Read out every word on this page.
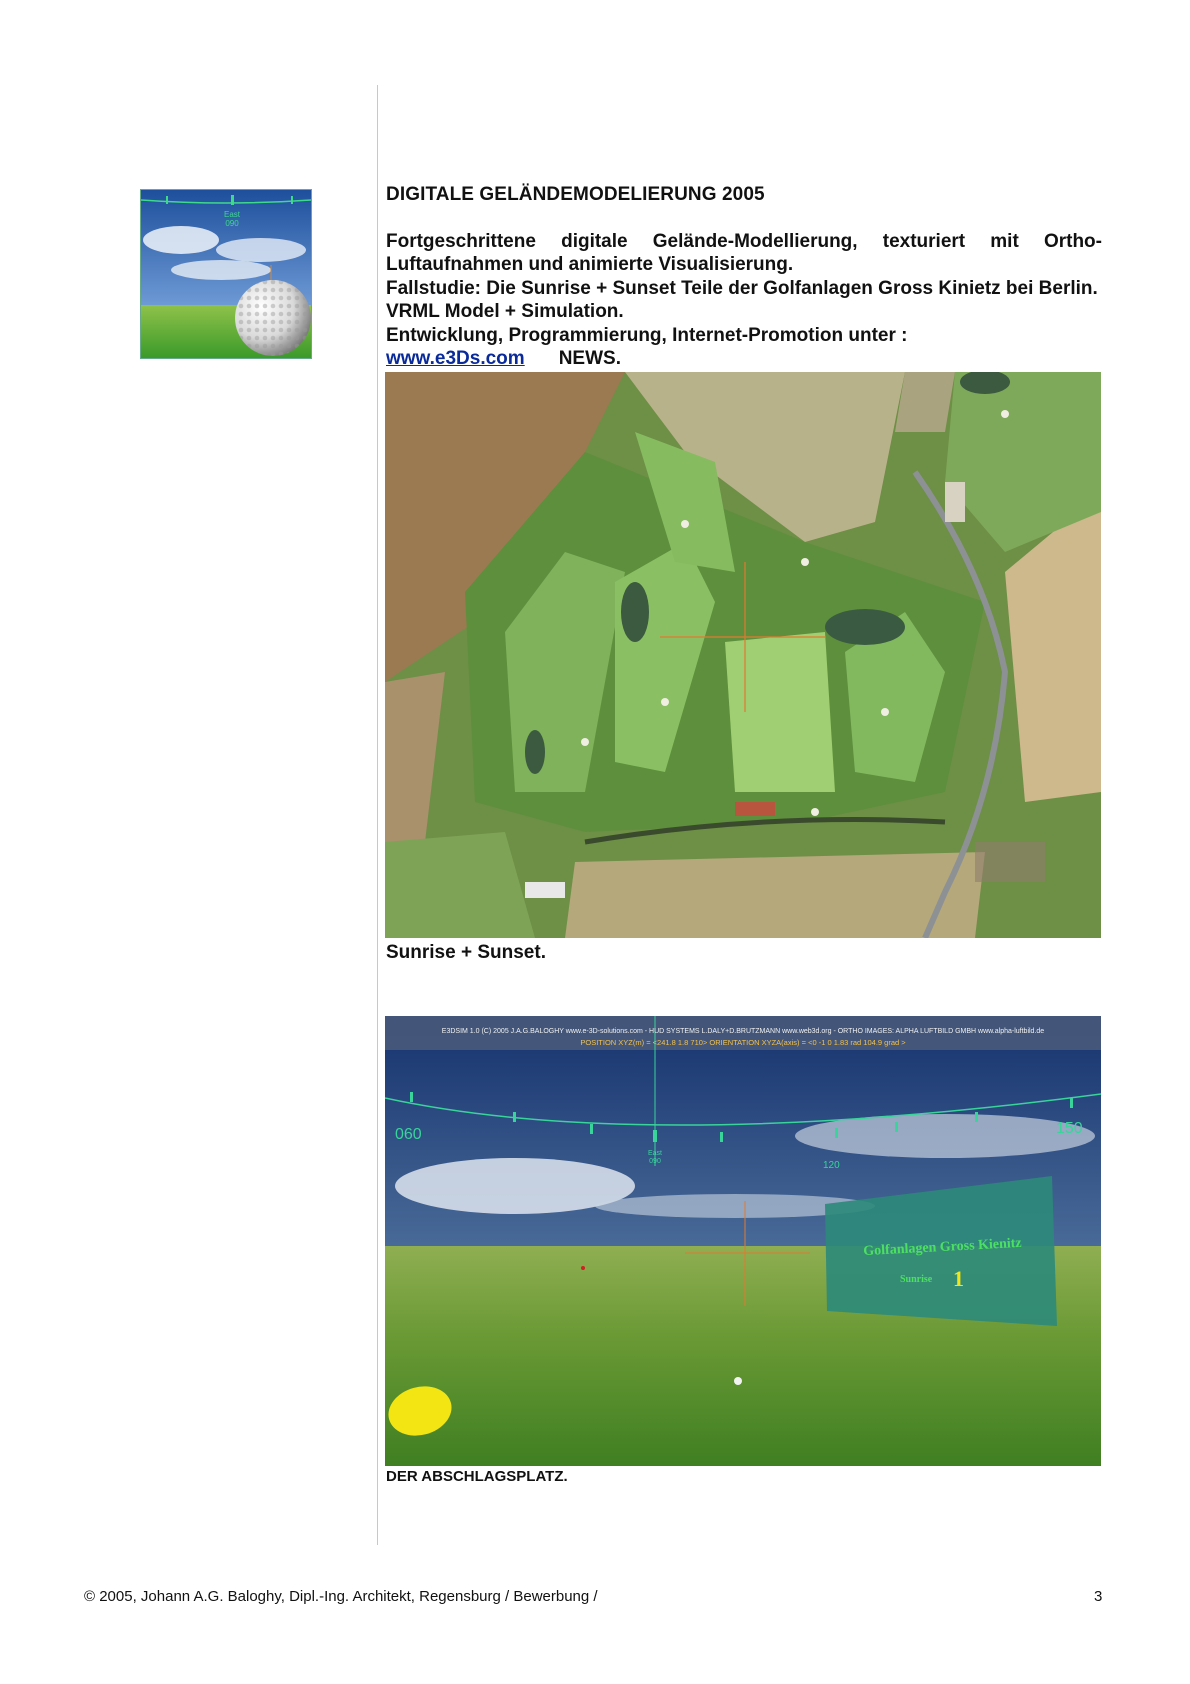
East
090
DIGITALE GELÄNDEMODELIERUNG 2005

Fortgeschrittene digitale Gelände-Modellierung, texturiert mit Ortho-Luftaufnahmen und animierte Visualisierung.

Fallstudie: Die Sunrise + Sunset Teile der Golfanlagen Gross Kinietz bei Berlin. VRML Model + Simulation.

Entwicklung, Programmierung, Internet-Promotion unter :

www.e3Ds.com NEWS.

Sunrise + Sunset.
E3DSIM 1.0 (C) 2005 J.A.G.BALOGHY www.e-3D-solutions.com - HUD SYSTEMS L.DALY+D.BRUTZMANN www.web3d.org - ORTHO IMAGES: ALPHA LUFTBILD GMBH www.alpha-luftbild.de
POSITION XYZ(m) = <241.8 1.8 710> ORIENTATION XYZA(axis) = <0 -1 0 1.83 rad 104.9 grad >
060	150
East
090	120
Golfanlagen Gross Kienitz
Sunrise 1
DER ABSCHLAGSPLATZ.
© 2005, Johann A.G. Baloghy, Dipl.-Ing. Architekt, Regensburg / Bewerbung /	3
